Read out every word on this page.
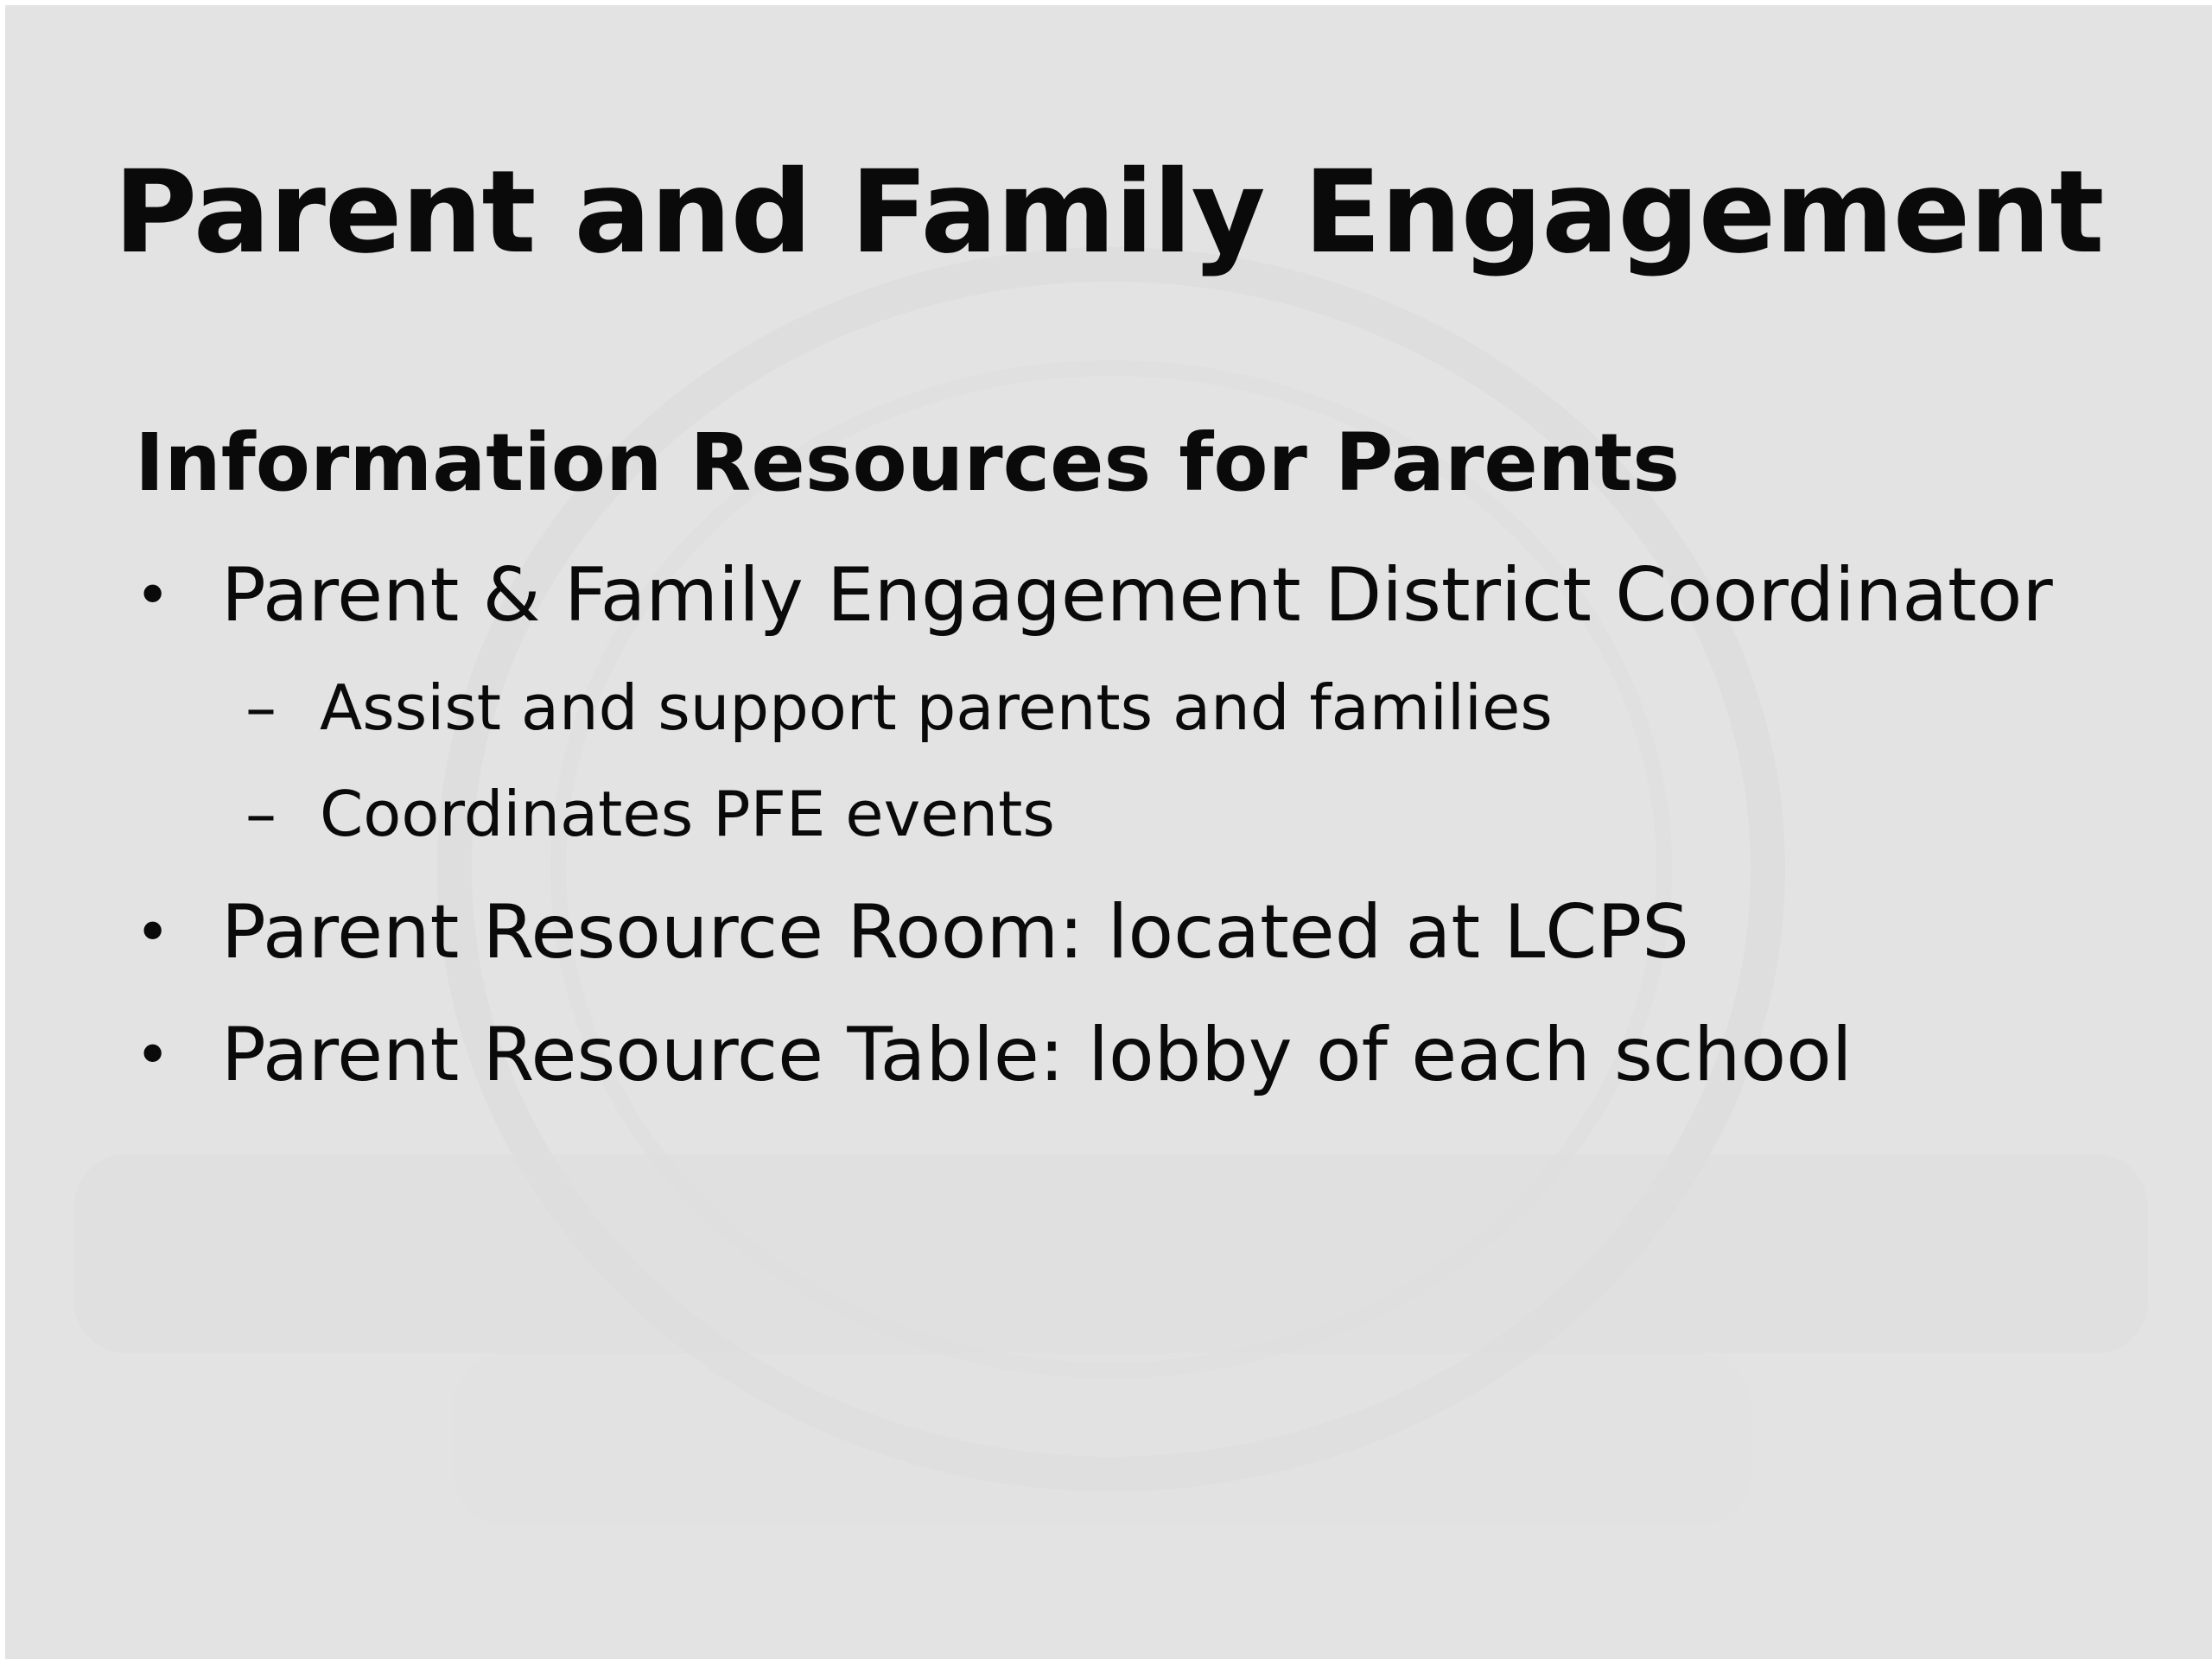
Parent and Family Engagement
Information Resources for Parents
• Parent & Family Engagement District Coordinator
– Assist and support parents and families
– Coordinates PFE events
• Parent Resource Room: located at LCPS
• Parent Resource Table: lobby of each school
